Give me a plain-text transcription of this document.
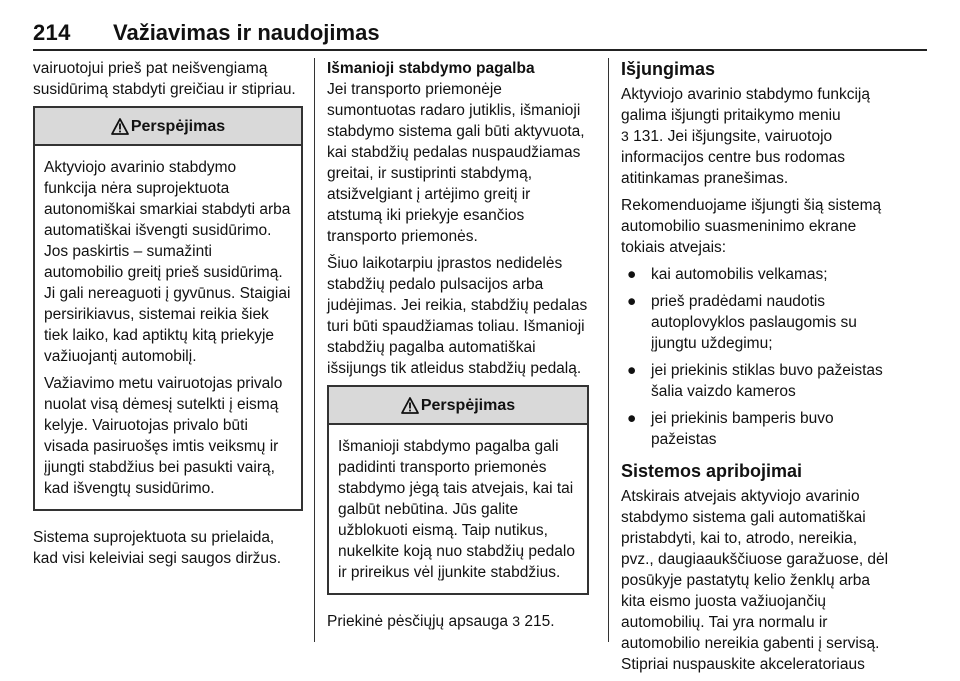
214 Važiavimas ir naudojimas

vairuotojui prieš pat neišvengiamą susidūrimą stabdyti greičiau ir stipriau.

Perspėjimas

Aktyviojo avarinio stabdymo funkcija nėra suprojektuota autonomiškai smarkiai stabdyti arba automatiškai išvengti susidūrimo. Jos paskirtis – sumažinti automobilio greitį prieš susidūrimą. Ji gali nereaguoti į gyvūnus. Staigiai persirikiavus, sistemai reikia šiek tiek laiko, kad aptiktų kitą priekyje važiuojantį automobilį.

Važiavimo metu vairuotojas privalo nuolat visą dėmesį sutelkti į eismą kelyje. Vairuotojas privalo būti visada pasiruošęs imtis veiksmų ir įjungti stabdžius bei pasukti vairą, kad išvengtų susidūrimo.

Sistema suprojektuota su prielaida, kad visi keleiviai segi saugos diržus.

Išmanioji stabdymo pagalba

Jei transporto priemonėje sumontuotas radaro jutiklis, išmanioji stabdymo sistema gali būti aktyvuota, kai stabdžių pedalas nuspaudžiamas greitai, ir sustiprinti stabdymą, atsižvelgiant į artėjimo greitį ir atstumą iki priekyje esančios transporto priemonės.

Šiuo laikotarpiu įprastos nedidelės stabdžių pedalo pulsacijos arba judėjimas. Jei reikia, stabdžių pedalas turi būti spaudžiamas toliau. Išmanioji stabdžių pagalba automatiškai išsijungs tik atleidus stabdžių pedalą.

Perspėjimas

Išmanioji stabdymo pagalba gali padidinti transporto priemonės stabdymo jėgą tais atvejais, kai tai galbūt nebūtina. Jūs galite užblokuoti eismą. Taip nutikus, nukelkite koją nuo stabdžių pedalo ir prireikus vėl įjunkite stabdžius.

Priekinė pėsčiųjų apsauga 3 215.

Išjungimas

Aktyviojo avarinio stabdymo funkciją galima išjungti pritaikymo meniu
3 131. Jei išjungsite, vairuotojo informacijos centre bus rodomas atitinkamas pranešimas.

Rekomenduojame išjungti šią sistemą automobilio suasmeninimo ekrane tokiais atvejais:

● kai automobilis velkamas;
● prieš pradėdami naudotis autoplovyklos paslaugomis su įjungtu uždegimu;
● jei priekinis stiklas buvo pažeistas šalia vaizdo kameros
● jei priekinis bamperis buvo pažeistas

Sistemos apribojimai

Atskirais atvejais aktyviojo avarinio stabdymo sistema gali automatiškai pristabdyti, kai to, atrodo, nereikia, pvz., daugiaaukščiuose garažuose, dėl posūkyje pastatytų kelio ženklų arba kita eismo juosta važiuojančių automobilių. Tai yra normalu ir automobilio nereikia gabenti į servisą. Stipriai nuspauskite akceleratoriaus
